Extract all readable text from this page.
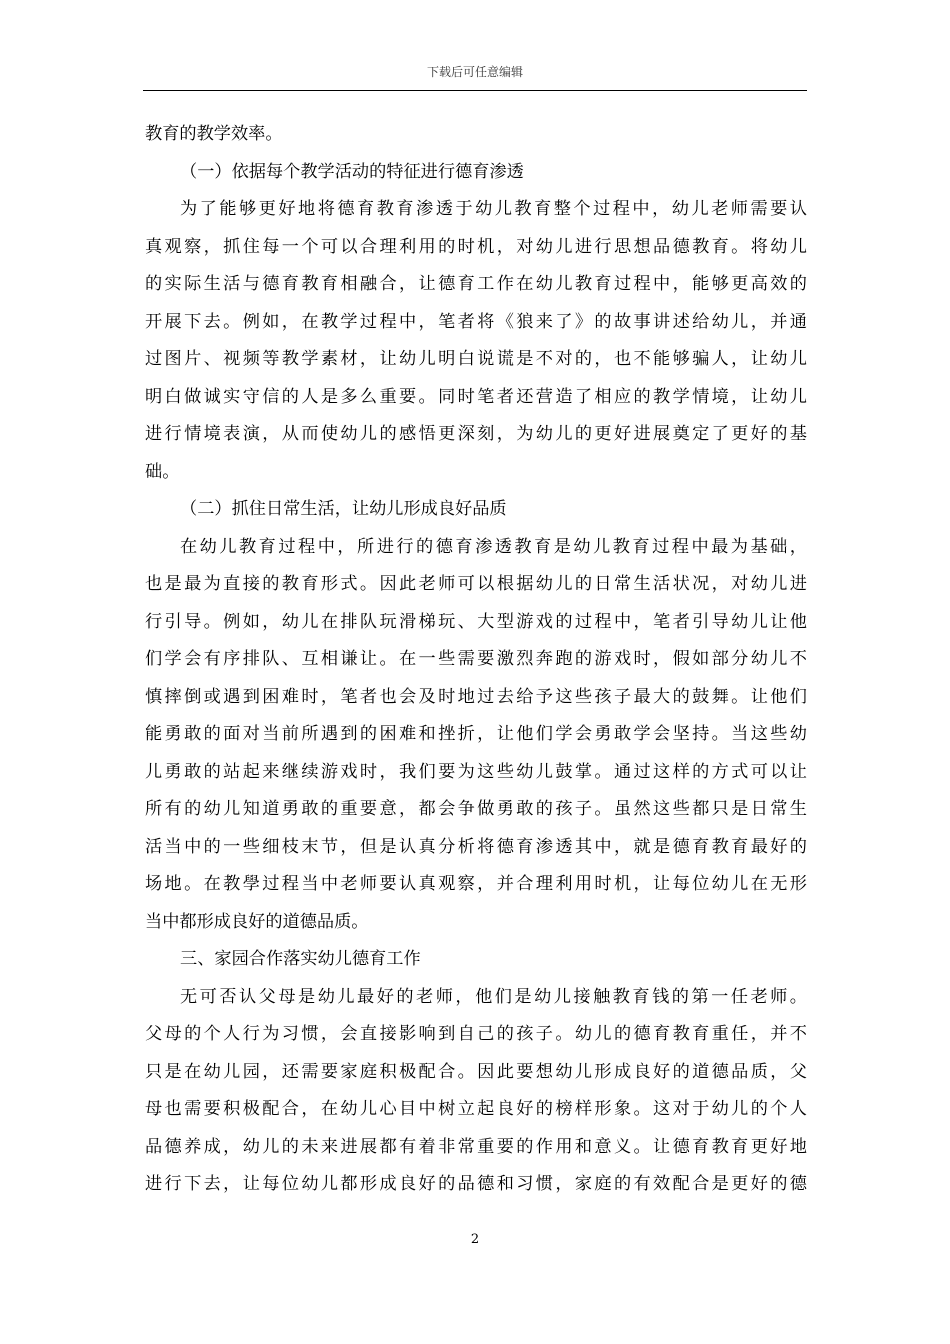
下载后可任意编辑
教育的教学效率。
（一）依据每个教学活动的特征进行德育渗透
为了能够更好地将德育教育渗透于幼儿教育整个过程中，幼儿老师需要认
真观察，抓住每一个可以合理利用的时机，对幼儿进行思想品德教育。将幼儿
的实际生活与德育教育相融合，让德育工作在幼儿教育过程中，能够更高效的
开展下去。例如，在教学过程中，笔者将《狼来了》的故事讲述给幼儿，并通
过图片、视频等教学素材，让幼儿明白说谎是不对的，也不能够骗人，让幼儿
明白做诚实守信的人是多么重要。同时笔者还营造了相应的教学情境，让幼儿
进行情境表演，从而使幼儿的感悟更深刻，为幼儿的更好进展奠定了更好的基
础。
（二）抓住日常生活，让幼儿形成良好品质
在幼儿教育过程中，所进行的德育渗透教育是幼儿教育过程中最为基础，
也是最为直接的教育形式。因此老师可以根据幼儿的日常生活状况，对幼儿进
行引导。例如，幼儿在排队玩滑梯玩、大型游戏的过程中，笔者引导幼儿让他
们学会有序排队、互相谦让。在一些需要激烈奔跑的游戏时，假如部分幼儿不
慎摔倒或遇到困难时，笔者也会及时地过去给予这些孩子最大的鼓舞。让他们
能勇敢的面对当前所遇到的困难和挫折，让他们学会勇敢学会坚持。当这些幼
儿勇敢的站起来继续游戏时，我们要为这些幼儿鼓掌。通过这样的方式可以让
所有的幼儿知道勇敢的重要意，都会争做勇敢的孩子。虽然这些都只是日常生
活当中的一些细枝末节，但是认真分析将德育渗透其中，就是德育教育最好的
场地。在教學过程当中老师要认真观察，并合理利用时机，让每位幼儿在无形
当中都形成良好的道德品质。
三、家园合作落实幼儿德育工作
无可否认父母是幼儿最好的老师，他们是幼儿接触教育钱的第一任老师。
父母的个人行为习惯，会直接影响到自己的孩子。幼儿的德育教育重任，并不
只是在幼儿园，还需要家庭积极配合。因此要想幼儿形成良好的道德品质，父
母也需要积极配合，在幼儿心目中树立起良好的榜样形象。这对于幼儿的个人
品德养成，幼儿的未来进展都有着非常重要的作用和意义。让德育教育更好地
进行下去，让每位幼儿都形成良好的品德和习惯，家庭的有效配合是更好的德
2
